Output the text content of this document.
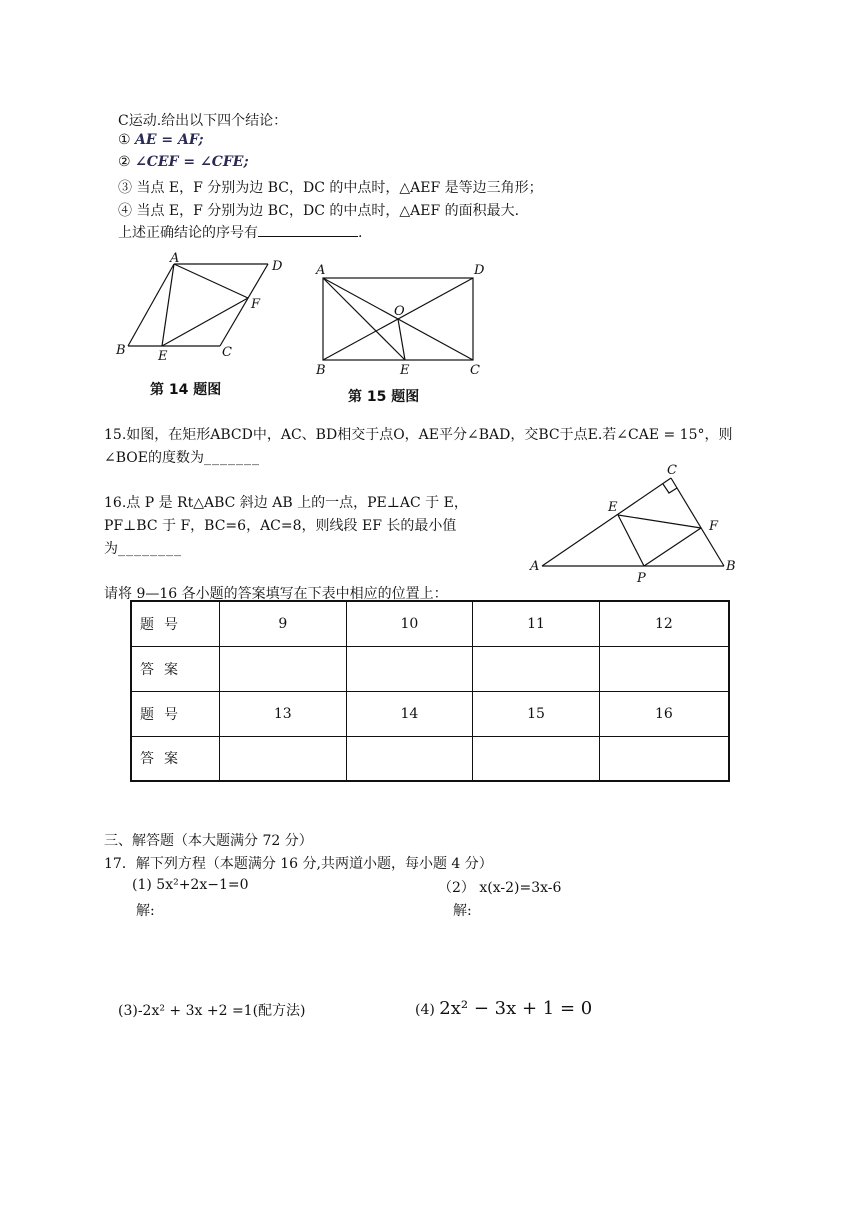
C运动.给出以下四个结论：
① AE = AF;
② ∠CEF = ∠CFE;
③ 当点 E，F 分别为边 BC，DC 的中点时，△AEF 是等边三角形；
④ 当点 E，F 分别为边 BC，DC 的中点时，△AEF 的面积最大.
上述正确结论的序号有	.
A
D
F
B E	C
第 14 题图
A	D
O
B	E	C
第 15 题图
15.如图，在矩形ABCD中，AC、BD相交于点O，AE平分∠BAD，交BC于点E.若∠CAE = 15°，则
∠BOE的度数为_______
16.点 P 是 Rt△ABC 斜边 AB 上的一点，PE⊥AC 于 E，
PF⊥BC 于 F，BC=6，AC=8，则线段 EF 长的最小值
为________
C
E
F
A	B
P
请将 9—16 各小题的答案填写在下表中相应的位置上：
题号	9	10	11	12
答案				
题号	13	14	15	16
答案				
三、解答题（本大题满分 72 分）
17．解下列方程（本题满分 16 分,共两道小题，每小题 4 分）
(1) 5x²+2x−1=0
解:
（2） x(x-2)=3x-6
解:
(3)-2x² + 3x +2 =1(配方法)	(4) 2x² − 3x + 1 = 0
